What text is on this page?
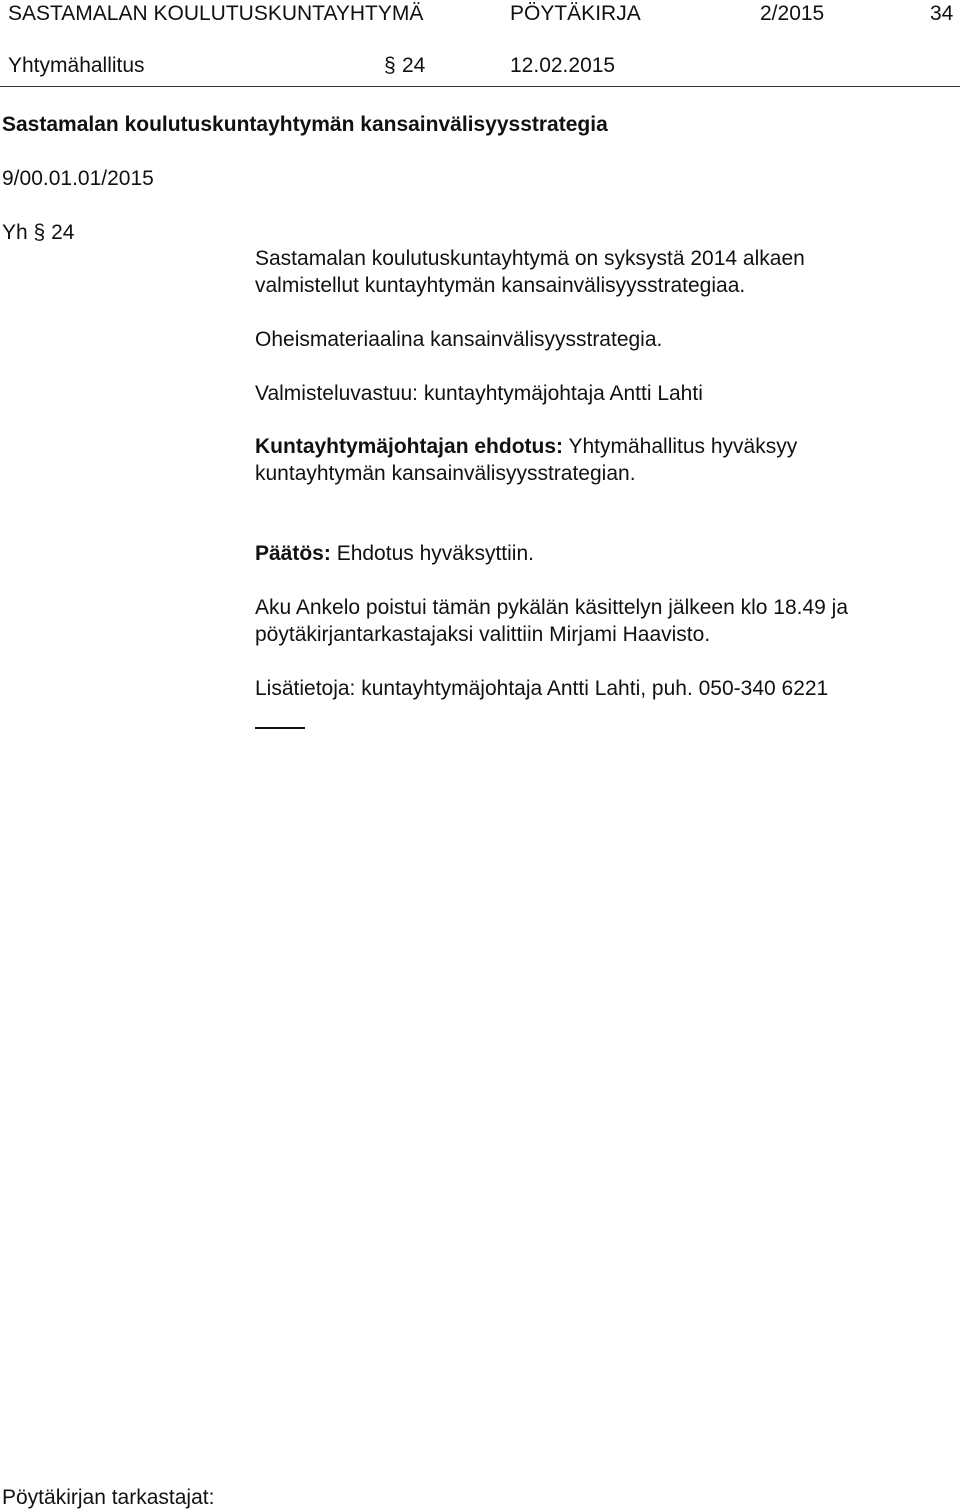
SASTAMALAN KOULUTUSKUNTAYHTYMÄ	PÖYTÄKIRJA	2/2015	34
Yhtymähallitus	§ 24	12.02.2015
Sastamalan koulutuskuntayhtymän kansainvälisyysstrategia
9/00.01.01/2015
Yh § 24
Sastamalan koulutuskuntayhtymä on syksystä 2014 alkaen
valmistellut kuntayhtymän kansainvälisyysstrategiaa.
Oheismateriaalina kansainvälisyysstrategia.
Valmisteluvastuu: kuntayhtymäjohtaja Antti Lahti
Kuntayhtymäjohtajan ehdotus: Yhtymähallitus hyväksyy
kuntayhtymän kansainvälisyysstrategian.
Päätös: Ehdotus hyväksyttiin.
Aku Ankelo poistui tämän pykälän käsittelyn jälkeen klo 18.49 ja
pöytäkirjantarkastajaksi valittiin Mirjami Haavisto.
Lisätietoja: kuntayhtymäjohtaja Antti Lahti, puh. 050-340 6221
Pöytäkirjan tarkastajat:
